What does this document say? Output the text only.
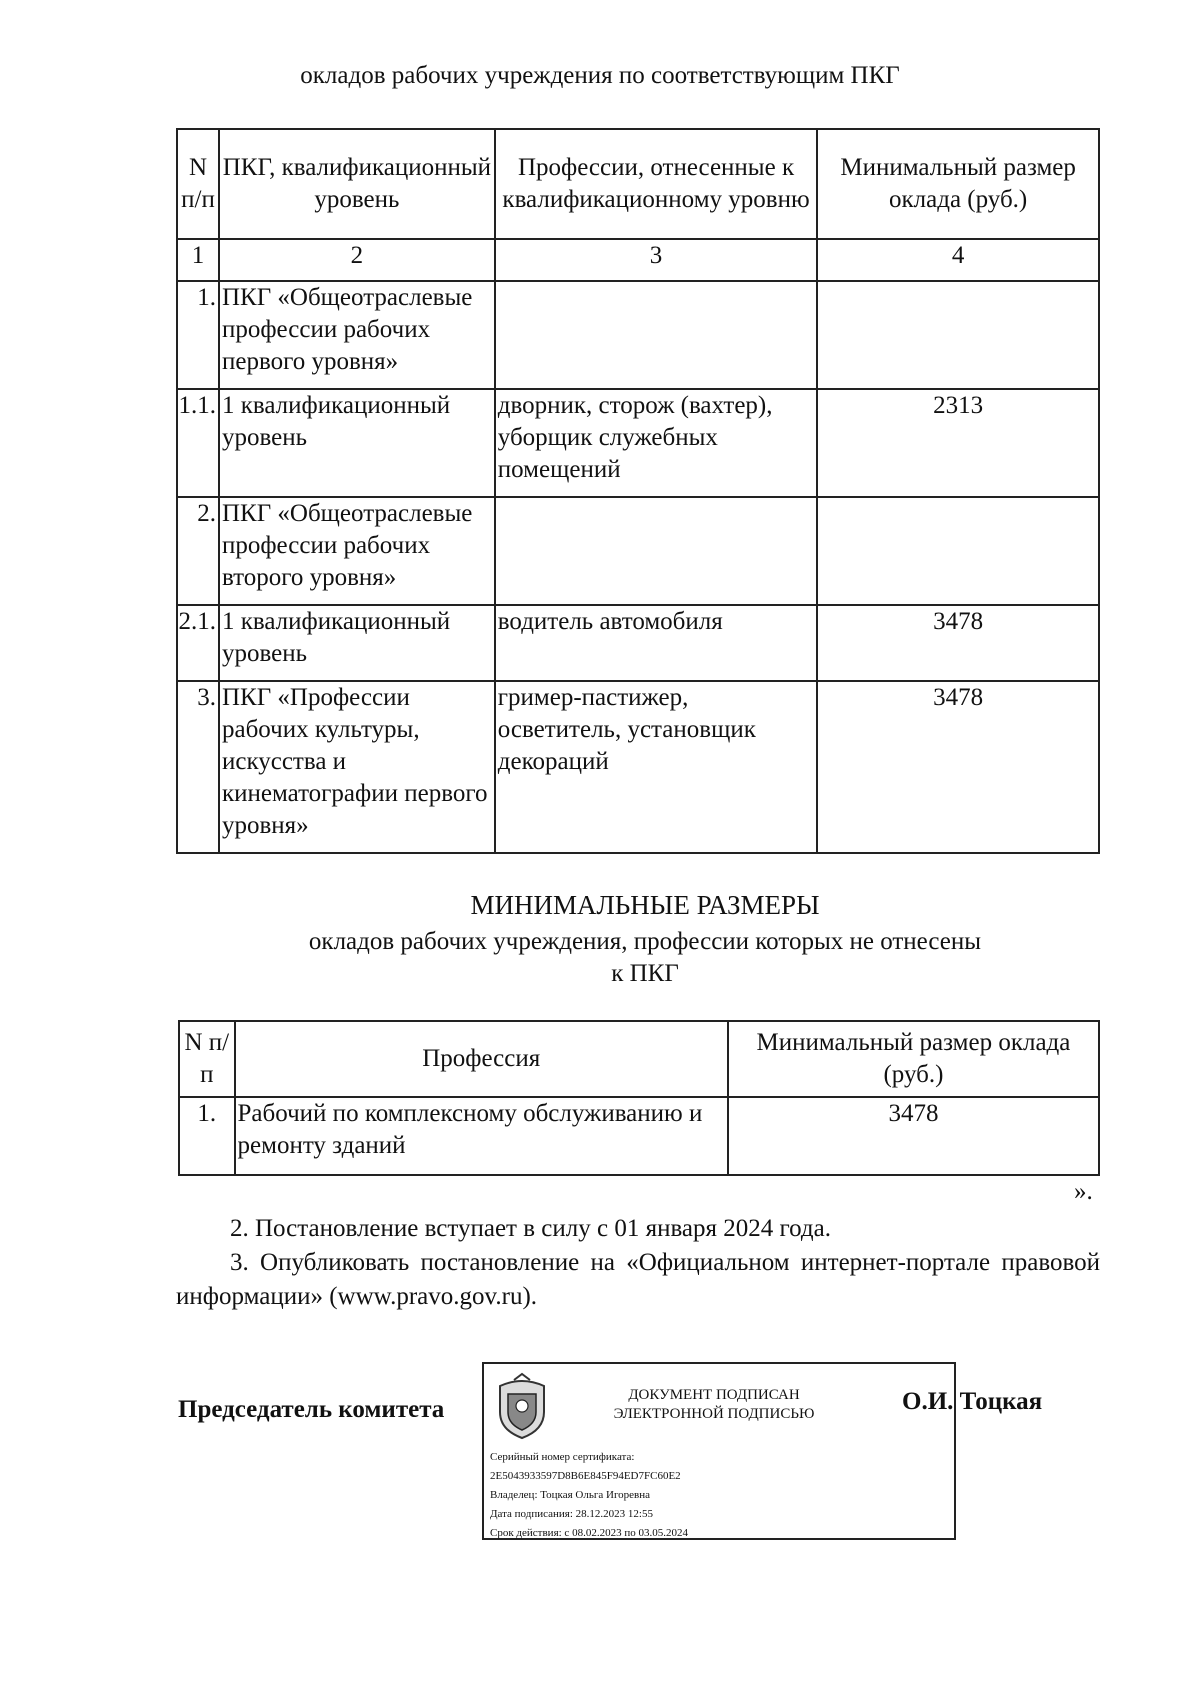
окладов рабочих учреждения по соответствующим ПКГ
N п/п	ПКГ, квалификационный уровень	Профессии, отнесенные к квалификационному уровню	Минимальный размер оклада (руб.)
1	2	3	4
1.	ПКГ «Общеотраслевые профессии рабочих первого уровня»		
1.1.	1 квалификационный уровень	дворник, сторож (вахтер), уборщик служебных помещений	2313
2.	ПКГ «Общеотраслевые профессии рабочих второго уровня»		
2.1.	1 квалификационный уровень	водитель автомобиля	3478
3.	ПКГ «Профессии рабочих культуры, искусства и кинематографии первого уровня»	гример-пастижер, осветитель, установщик декораций	3478
МИНИМАЛЬНЫЕ РАЗМЕРЫ
окладов рабочих учреждения, профессии которых не отнесены
к ПКГ
N п/п	Профессия	Минимальный размер оклада (руб.)
1.	Рабочий по комплексному обслуживанию и ремонту зданий	3478
».
2. Постановление вступает в силу с 01 января 2024 года.
3. Опубликовать постановление на «Официальном интернет-портале правовой информации» (www.pravo.gov.ru).
Председатель комитета
ДОКУМЕНТ ПОДПИСАН
ЭЛЕКТРОННОЙ ПОДПИСЬЮ
Серийный номер сертификата:
2E5043933597D8B6E845F94ED7FC60E2
Владелец: Тоцкая Ольга Игоревна
Дата подписания: 28.12.2023 12:55
Срок действия: с 08.02.2023 по 03.05.2024
О.И. Тоцкая
